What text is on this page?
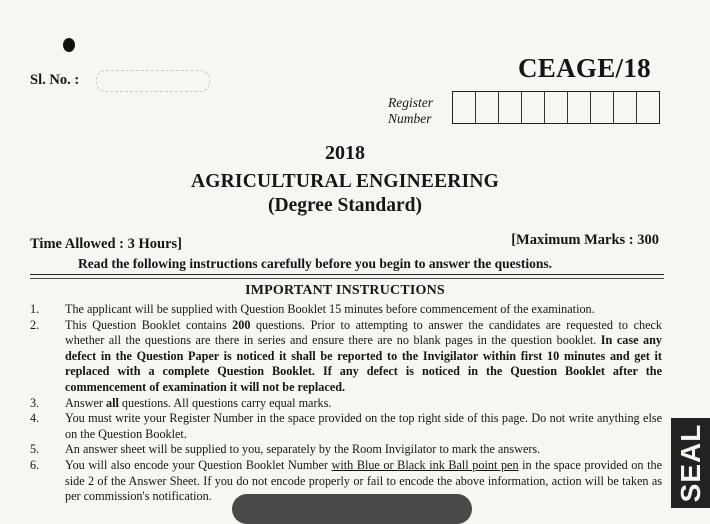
Sl. No. :	CEAGE/18
Register
Number
2018
AGRICULTURAL ENGINEERING
(Degree Standard)
Time Allowed : 3 Hours]	[Maximum Marks : 300
Read the following instructions carefully before you begin to answer the questions.
IMPORTANT INSTRUCTIONS
1.	The applicant will be supplied with Question Booklet 15 minutes before commencement of the examination.
2.	This Question Booklet contains 200 questions. Prior to attempting to answer the candidates are requested to check whether all the questions are there in series and ensure there are no blank pages in the question booklet. In case any defect in the Question Paper is noticed it shall be reported to the Invigilator within first 10 minutes and get it replaced with a complete Question Booklet. If any defect is noticed in the Question Booklet after the commencement of examination it will not be replaced.
3.	Answer all questions. All questions carry equal marks.
4.	You must write your Register Number in the space provided on the top right side of this page. Do not write anything else on the Question Booklet.
5.	An answer sheet will be supplied to you, separately by the Room Invigilator to mark the answers.
6.	You will also encode your Question Booklet Number with Blue or Black ink Ball point pen in the space provided on the side 2 of the Answer Sheet. If you do not encode properly or fail to encode the above information, action will be taken as per commission's notification.	SEAL
